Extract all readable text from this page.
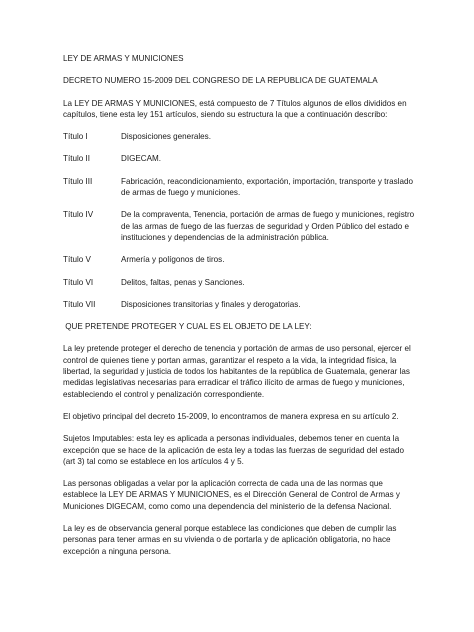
LEY DE ARMAS Y MUNICIONES

DECRETO NUMERO 15-2009 DEL CONGRESO DE LA REPUBLICA DE GUATEMALA

La LEY DE ARMAS Y MUNICIONES, está compuesto de 7 Títulos algunos de ellos divididos en capítulos, tiene esta ley 151 artículos, siendo su estructura la que a continuación describo:

Título I	Disposiciones generales.
Título II	DIGECAM.
Título III	Fabricación, reacondicionamiento, exportación, importación, transporte y traslado de armas de fuego y municiones.
Título IV	De la compraventa, Tenencia, portación de armas de fuego y municiones, registro de las armas de fuego de las fuerzas de seguridad y Orden Público del estado e instituciones y dependencias de la administración pública.
Título V	Armería y polígonos de tiros.
Título VI	Delitos, faltas, penas y Sanciones.
Título VII	Disposiciones transitorias y finales y derogatorias.

QUE PRETENDE PROTEGER Y CUAL ES EL OBJETO DE LA LEY:

La ley pretende proteger el derecho de tenencia y portación de armas de uso personal, ejercer el control de quienes tiene y portan armas, garantizar el respeto a la vida, la integridad física, la libertad, la seguridad y justicia de todos los habitantes de la república de Guatemala, generar las medidas legislativas necesarias para erradicar el tráfico ilícito de armas de fuego y municiones, estableciendo el control y penalización correspondiente.

El objetivo principal del decreto 15-2009, lo encontramos de manera expresa en su artículo 2.

Sujetos Imputables: esta ley es aplicada a personas individuales, debemos tener en cuenta la excepción que se hace de la aplicación de esta ley a todas las fuerzas de seguridad del estado (art 3) tal como se establece en los artículos 4 y 5.

Las personas obligadas a velar por la aplicación correcta de cada una de las normas que establece la LEY DE ARMAS Y MUNICIONES, es el Dirección General de Control de Armas y Municiones DIGECAM, como como una dependencia del ministerio de la defensa Nacional.

La ley es de observancia general porque establece las condiciones que deben de cumplir las personas para tener armas en su vivienda o de portarla y de aplicación obligatoria, no hace excepción a ninguna persona.
